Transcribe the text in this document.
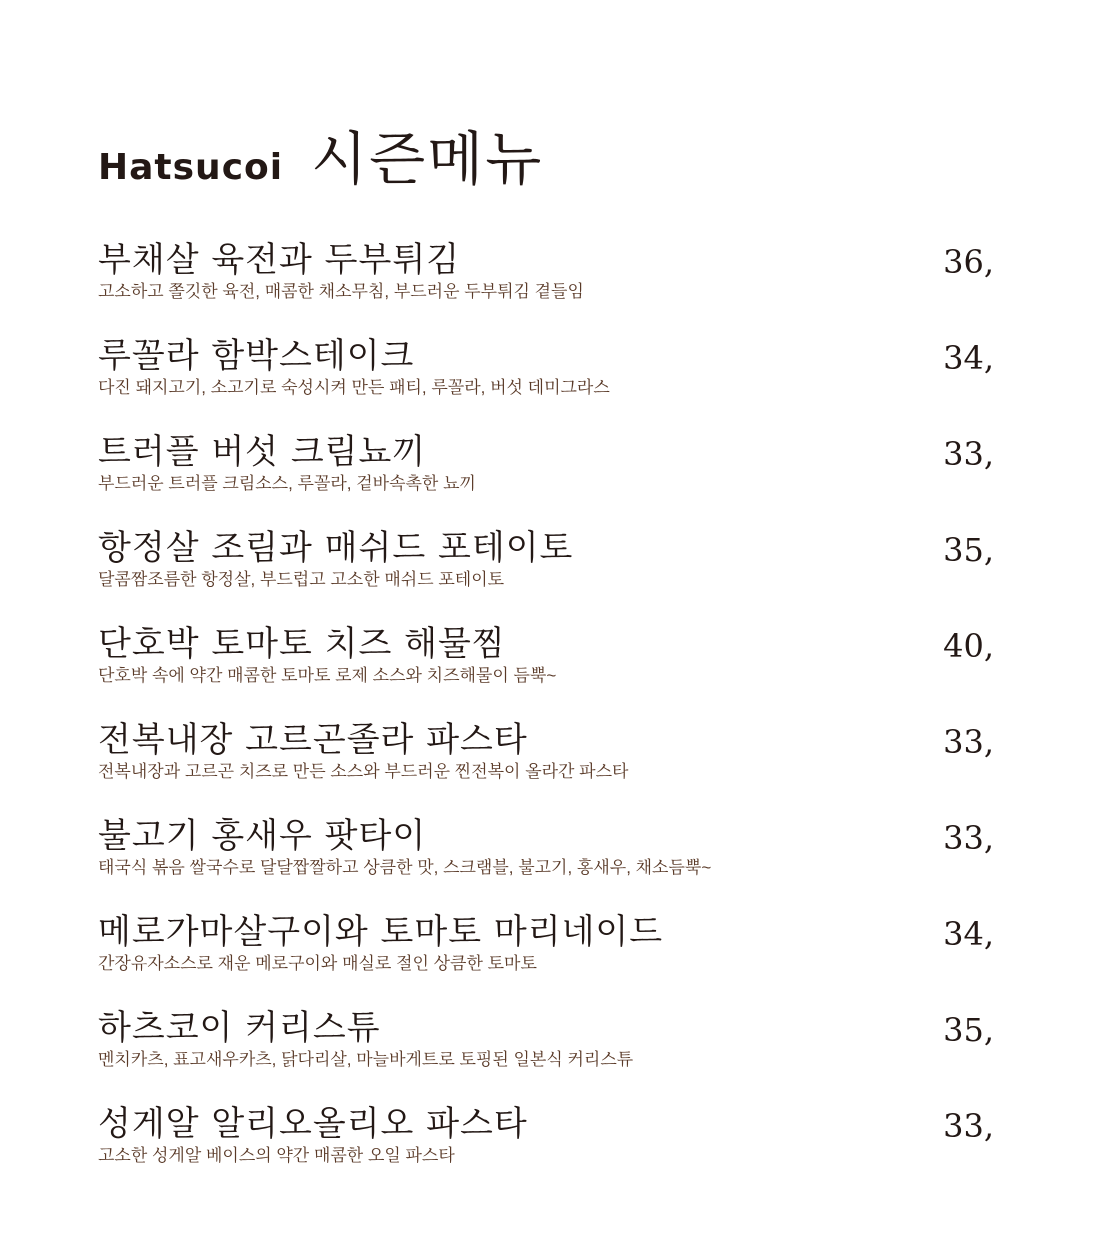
Hatsucoi 시즌메뉴
부채살 육전과 두부튀김
고소하고 쫄깃한 육전, 매콤한 채소무침, 부드러운 두부튀김 곁들임
36,
루꼴라 함박스테이크
다진 돼지고기, 소고기로 숙성시켜 만든 패티, 루꼴라, 버섯 데미그라스
34,
트러플 버섯 크림뇨끼
부드러운 트러플 크림소스, 루꼴라, 겉바속촉한 뇨끼
33,
항정살 조림과 매쉬드 포테이토
달콤짬조름한 항정살, 부드럽고 고소한 매쉬드 포테이토
35,
단호박 토마토 치즈 해물찜
단호박 속에 약간 매콤한 토마토 로제 소스와 치즈해물이 듬뿍~
40,
전복내장 고르곤졸라 파스타
전복내장과 고르곤 치즈로 만든 소스와 부드러운 찐전복이 올라간 파스타
33,
불고기 홍새우 팟타이
태국식 볶음 쌀국수로 달달짭짤하고 상큼한 맛, 스크램블, 불고기, 홍새우, 채소듬뿍~
33,
메로가마살구이와 토마토 마리네이드
간장유자소스로 재운 메로구이와 매실로 절인 상큼한 토마토
34,
하츠코이 커리스튜
멘치카츠, 표고새우카츠, 닭다리살, 마늘바게트로 토핑된 일본식 커리스튜
35,
성게알 알리오올리오 파스타
고소한 성게알 베이스의 약간 매콤한 오일 파스타
33,
